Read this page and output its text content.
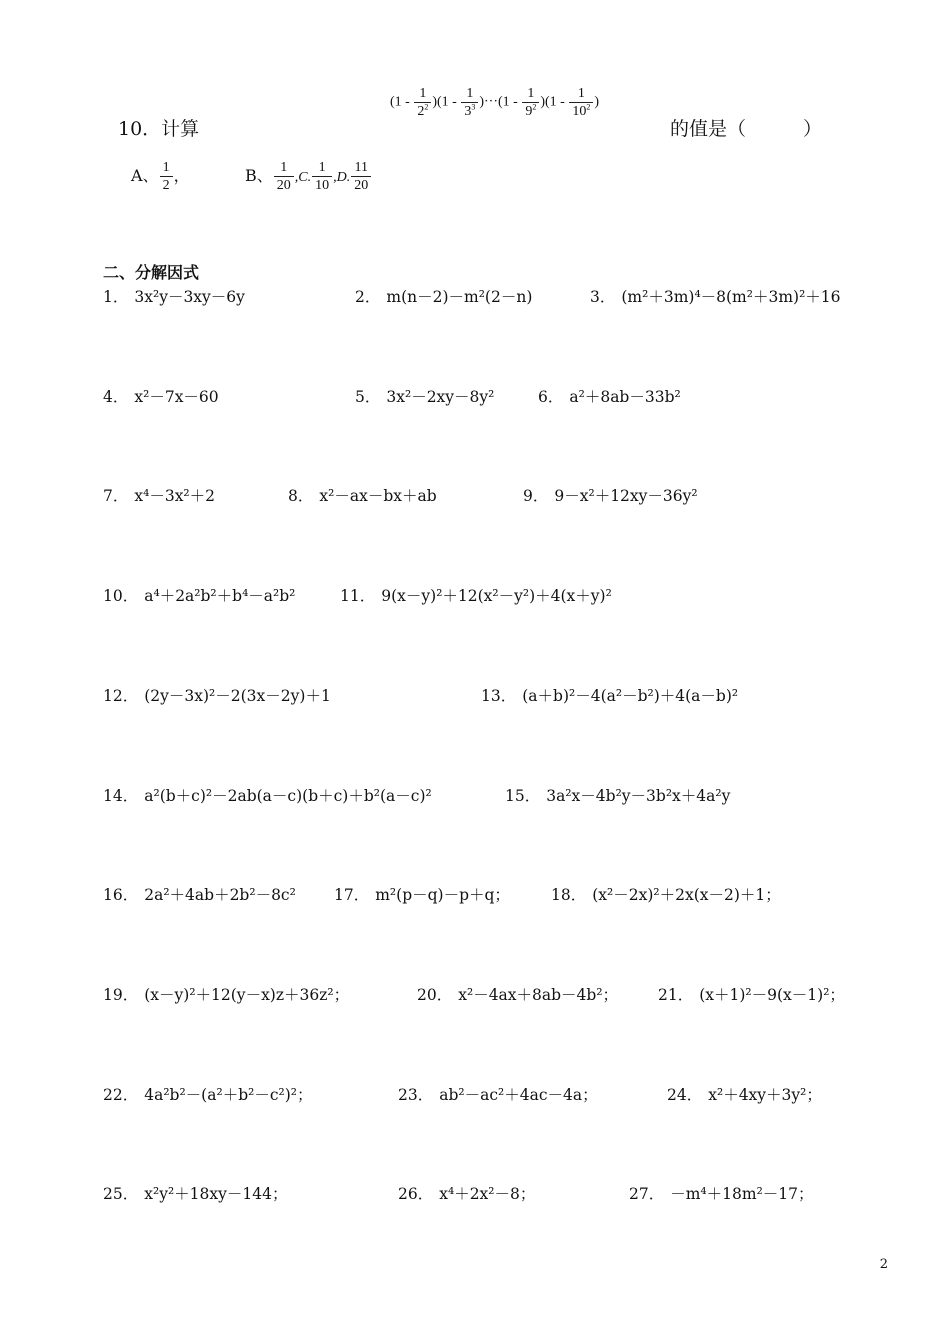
10．计算
$(1 - \frac{1}{2^2} )(1 - \frac{1}{3^3} )\cdot\cdot\cdot(1 - \frac{1}{9^2} )(1 - \frac{1}{10^2}$ )
的值是（　　　）
A、 $\frac{1}{2}$ ，	B、 $\frac{1}{20} ,C$. $\frac{1}{10} ,D$. $\frac{11}{20}$
二、分解因式
1． 3x²y－3xy－6y	2． m(n－2)－m²(2－n)	3． (m²＋3m)⁴－8(m²＋3m)²＋16
4． x²－7x－60	5． 3x²－2xy－8y²	6． a²＋8ab－33b²
7． x⁴－3x²＋2	8． x²－ax－bx＋ab	9． 9－x²＋12xy－36y²
10． a⁴＋2a²b²＋b⁴－a²b²	11． 9(x－y)²＋12(x²－y²)＋4(x＋y)²
12． (2y－3x)²－2(3x－2y)＋1	13． (a＋b)²－4(a²－b²)＋4(a－b)²
14． a²(b＋c)²－2ab(a－c)(b＋c)＋b²(a－c)²	15． 3a²x－4b²y－3b²x＋4a²y
16． 2a²＋4ab＋2b²－8c² 17． m²(p－q)－p＋q；	18． (x²－2x)²＋2x(x－2)＋1；
19． (x－y)²＋12(y－x)z＋36z²；	20． x²－4ax＋8ab－4b²；	21． (x＋1)²－9(x－1)²；
22． 4a²b²－(a²＋b²－c²)²；	23． ab²－ac²＋4ac－4a；	24． x²＋4xy＋3y²；
25． x²y²＋18xy－144；	26． x⁴＋2x²－8；	27． －m⁴＋18m²－17；
2
